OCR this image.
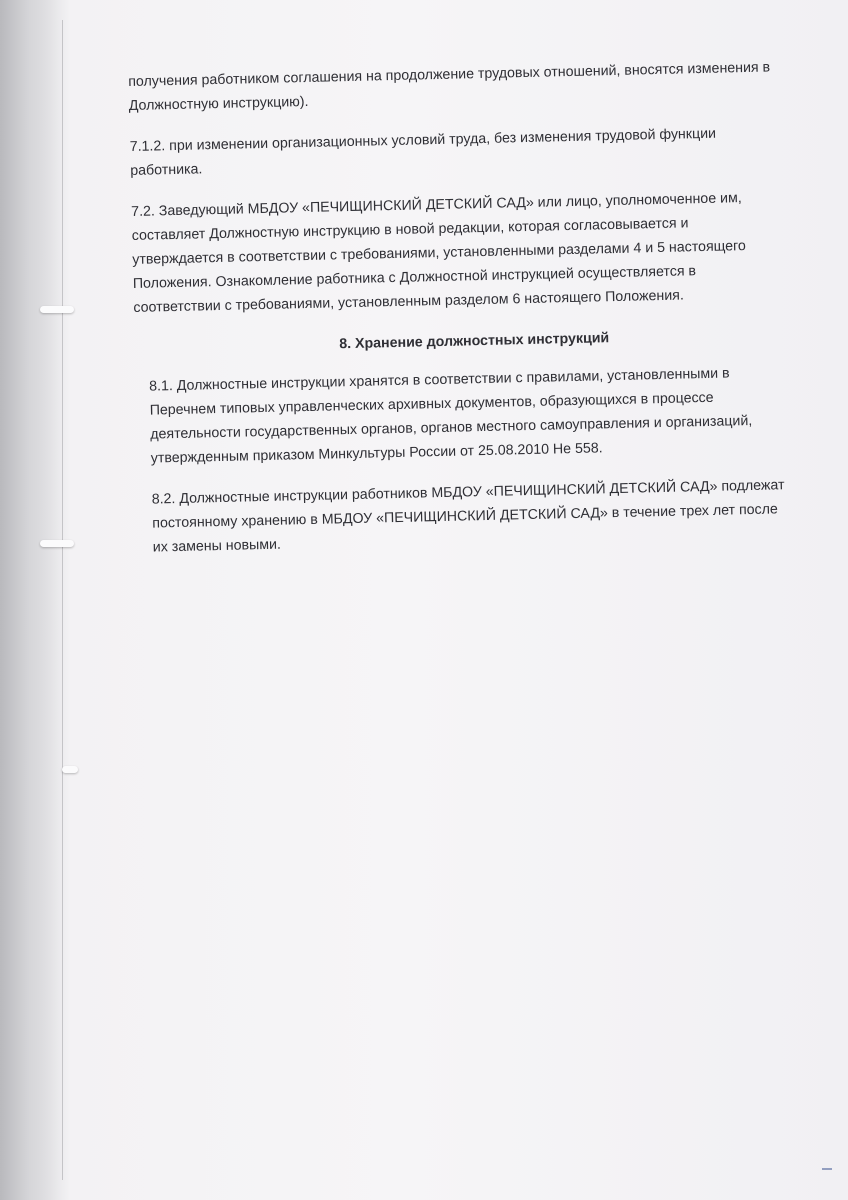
получения работником соглашения на продолжение трудовых отношений, вносятся изменения в Должностную инструкцию).

7.1.2. при изменении организационных условий труда, без изменения трудовой функции работника.

7.2. Заведующий МБДОУ «ПЕЧИЩИНСКИЙ ДЕТСКИЙ САД» или лицо, уполномоченное им, составляет Должностную инструкцию в новой редакции, которая согласовывается и утверждается в соответствии с требованиями, установленными разделами 4 и 5 настоящего Положения. Ознакомление работника с Должностной инструкцией осуществляется в соответствии с требованиями, установленным разделом 6 настоящего Положения.

8. Хранение должностных инструкций

8.1. Должностные инструкции хранятся в соответствии с правилами, установленными в Перечнем типовых управленческих архивных документов, образующихся в процессе деятельности государственных органов, органов местного самоуправления и организаций, утвержденным приказом Минкультуры России от 25.08.2010 Не 558.

8.2. Должностные инструкции работников МБДОУ «ПЕЧИЩИНСКИЙ ДЕТСКИЙ САД» подлежат постоянному хранению в МБДОУ «ПЕЧИЩИНСКИЙ ДЕТСКИЙ САД» в течение трех лет после их замены новыми.
